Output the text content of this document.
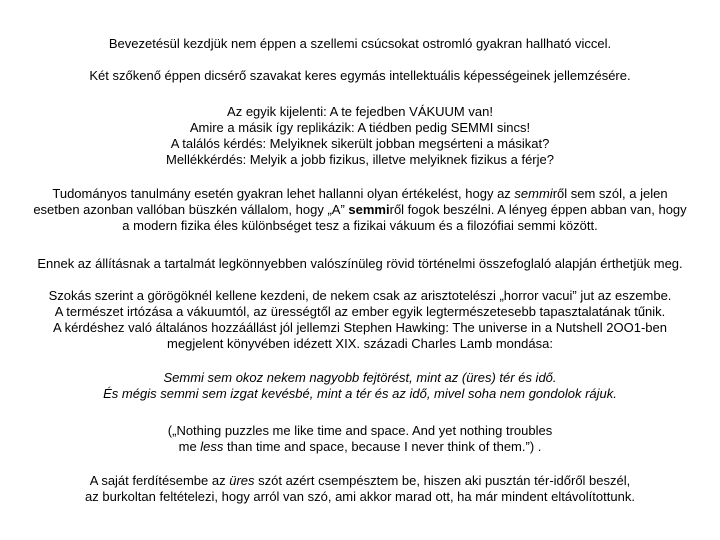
Bevezetésül kezdjük nem éppen a szellemi csúcsokat ostromló gyakran hallható viccel.

Két szőkenő éppen dicsérő szavakat keres egymás intellektuális képességeinek jellemzésére.

Az egyik kijelenti: A te fejedben VÁKUUM van!
Amire a másik így replikázik: A tiédben pedig SEMMI sincs!
A találós kérdés: Melyiknek sikerült jobban megsérteni a másikat?
Mellékkérdés: Melyik a jobb fizikus, illetve melyiknek fizikus a férje?

Tudományos tanulmány esetén gyakran lehet hallanni olyan értékelést, hogy az semmiről sem szól, a jelen
esetben azonban vallóban büszkén vállalom, hogy „A” semmiről fogok beszélni. A lényeg éppen abban van, hogy
a modern fizika éles különbséget tesz a fizikai vákuum és a filozófiai semmi között.

Ennek az állításnak a tartalmát legkönnyebben valószínüleg rövid történelmi összefoglaló alapján érthetjük meg.

Szokás szerint a görögöknél kellene kezdeni, de nekem csak az arisztotelészi „horror vacui” jut az eszembe.
A természet irtózása a vákuumtól, az ürességtől az ember egyik legtermészetesebb tapasztalatának tűnik.
A kérdéshez való általános hozzáállást jól jellemzi Stephen Hawking: The universe in a Nutshell 2OO1-ben
megjelent könyvében idézett XIX. századi Charles Lamb mondása:

Semmi sem okoz nekem nagyobb fejtörést, mint az (üres) tér és idő.
És mégis semmi sem izgat kevésbé, mint a tér és az idő, mivel soha nem gondolok rájuk.

(„Nothing puzzles me like time and space. And yet nothing troubles
me less than time and space, because I never think of them.”) .

A saját ferdítésembe az üres szót azért csempésztem be, hiszen aki pusztán tér-időről beszél,
az burkoltan feltételezi, hogy arról van szó, ami akkor marad ott, ha már mindent eltávolítottunk.
